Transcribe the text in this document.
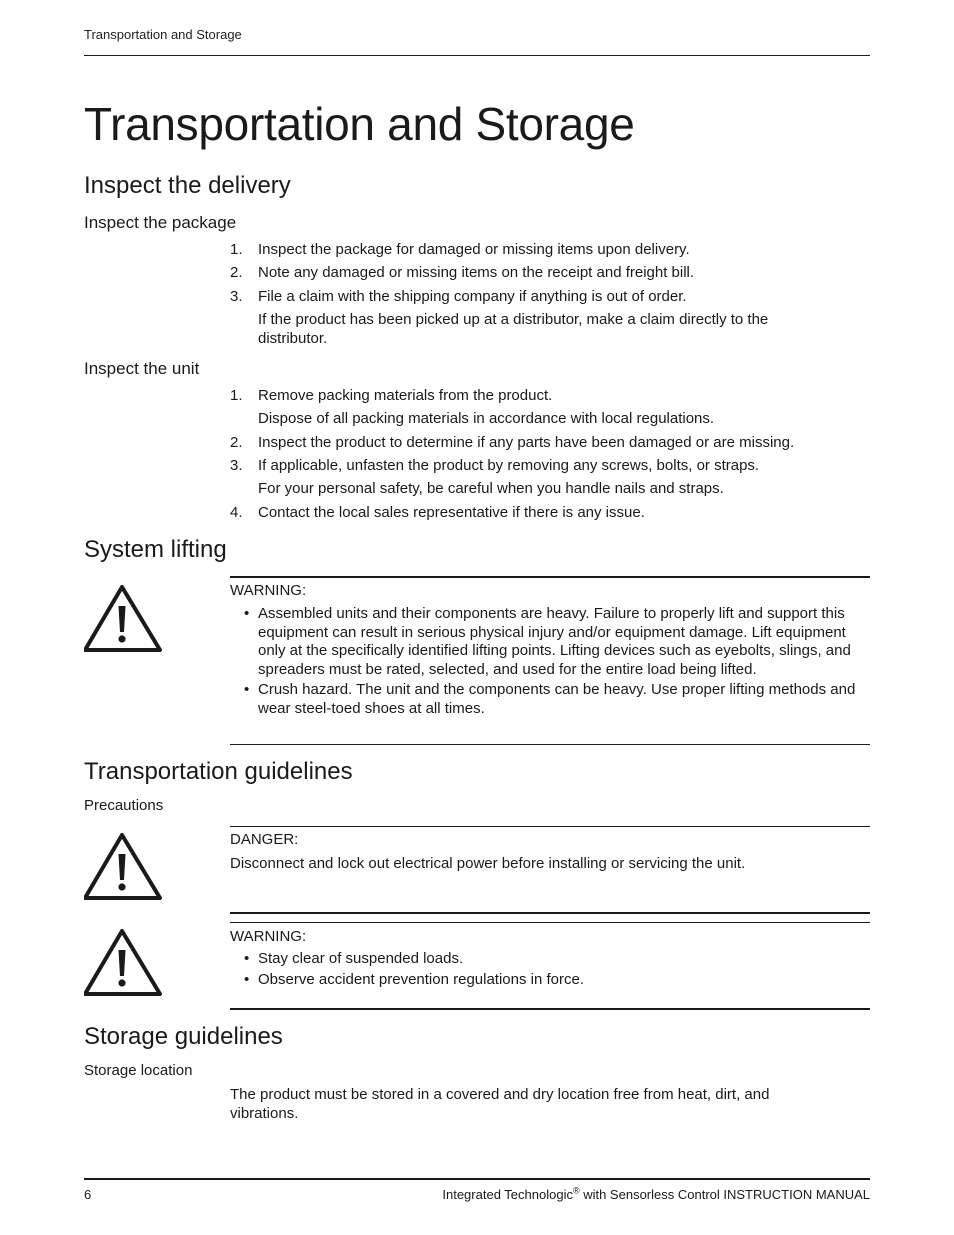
Transportation and Storage
Transportation and Storage
Inspect the delivery
Inspect the package
1. Inspect the package for damaged or missing items upon delivery.
2. Note any damaged or missing items on the receipt and freight bill.
3. File a claim with the shipping company if anything is out of order.
If the product has been picked up at a distributor, make a claim directly to the distributor.
Inspect the unit
1. Remove packing materials from the product.
Dispose of all packing materials in accordance with local regulations.
2. Inspect the product to determine if any parts have been damaged or are missing.
3. If applicable, unfasten the product by removing any screws, bolts, or straps.
For your personal safety, be careful when you handle nails and straps.
4. Contact the local sales representative if there is any issue.
System lifting
WARNING:
• Assembled units and their components are heavy. Failure to properly lift and support this equipment can result in serious physical injury and/or equipment damage. Lift equipment only at the specifically identified lifting points. Lifting devices such as eyebolts, slings, and spreaders must be rated, selected, and used for the entire load being lifted.
• Crush hazard. The unit and the components can be heavy. Use proper lifting methods and wear steel-toed shoes at all times.
Transportation guidelines
Precautions
DANGER:
Disconnect and lock out electrical power before installing or servicing the unit.
WARNING:
• Stay clear of suspended loads.
• Observe accident prevention regulations in force.
Storage guidelines
Storage location
The product must be stored in a covered and dry location free from heat, dirt, and vibrations.
6	Integrated Technologic® with Sensorless Control INSTRUCTION MANUAL
